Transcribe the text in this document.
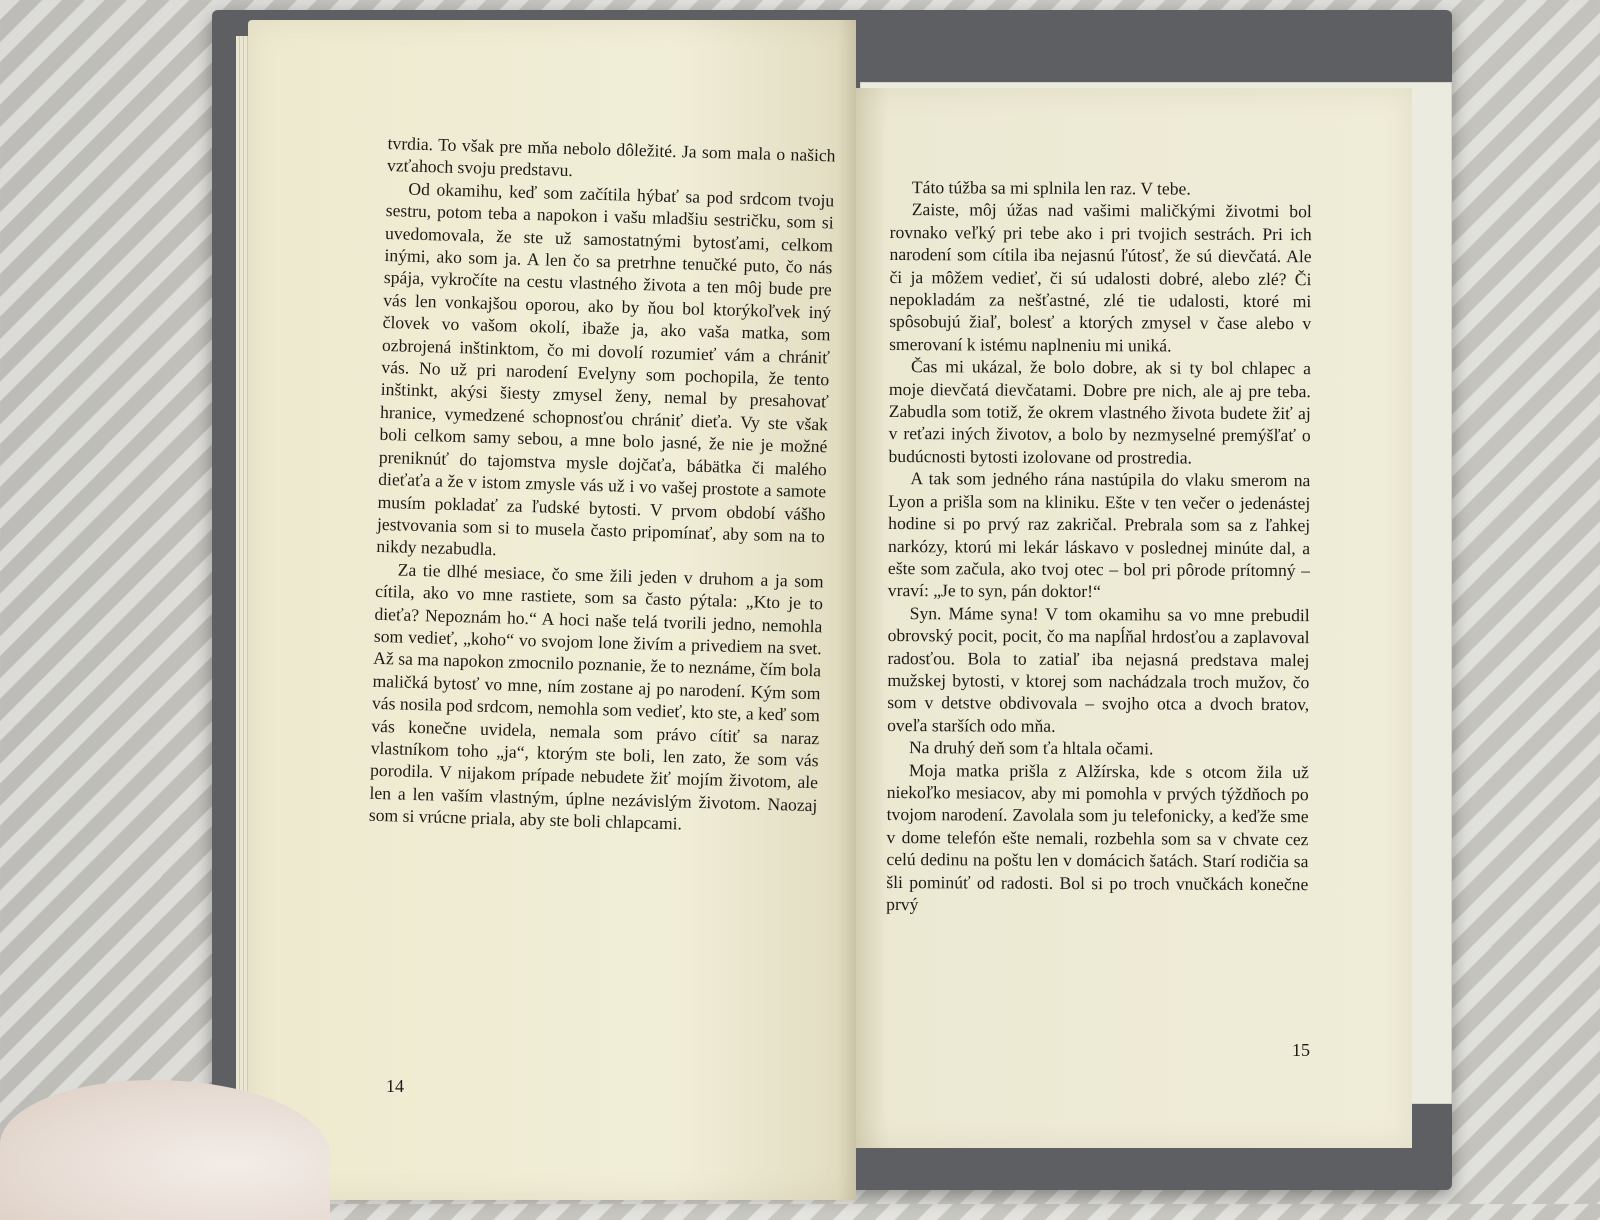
tvrdia. To však pre mňa nebolo dôležité. Ja som mala o našich vzťahoch svoju predstavu.

Od okamihu, keď som začítila hýbať sa pod srdcom tvoju sestru, potom teba a napokon i vašu mladšiu sestričku, som si uvedomovala, že ste už samostatnými bytosťami, celkom inými, ako som ja. A len čo sa pretrhne tenučké puto, čo nás spája, vykročíte na cestu vlastného života a ten môj bude pre vás len vonkajšou oporou, ako by ňou bol ktorýkoľvek iný človek vo vašom okolí, ibaže ja, ako vaša matka, som ozbrojená inštinktom, čo mi dovolí rozumieť vám a chrániť vás. No už pri narodení Evelyny som pochopila, že tento inštinkt, akýsi šiesty zmysel ženy, nemal by presahovať hranice, vymedzené schopnosťou chrániť dieťa. Vy ste však boli celkom samy sebou, a mne bolo jasné, že nie je možné preniknúť do tajomstva mysle dojčaťa, bábätka či malého dieťaťa a že v istom zmysle vás už i vo vašej prostote a samote musím pokladať za ľudské bytosti. V prvom období vášho jestvovania som si to musela často pripomínať, aby som na to nikdy nezabudla.

Za tie dlhé mesiace, čo sme žili jeden v druhom a ja som cítila, ako vo mne rastiete, som sa často pýtala: „Kto je to dieťa? Nepoznám ho.“ A hoci naše telá tvorili jedno, nemohla som vedieť, „koho“ vo svojom lone živím a privediem na svet. Až sa ma napokon zmocnilo poznanie, že to neznáme, čím bola maličká bytosť vo mne, ním zostane aj po narodení. Kým som vás nosila pod srdcom, nemohla som vedieť, kto ste, a keď som vás konečne uvidela, nemala som právo cítiť sa naraz vlastníkom toho „ja“, ktorým ste boli, len zato, že som vás porodila. V nijakom prípade nebudete žiť mojím životom, ale len a len vaším vlastným, úplne nezávislým životom. Naozaj som si vrúcne priala, aby ste boli chlapcami.

14

Táto túžba sa mi splnila len raz. V tebe.

Zaiste, môj úžas nad vašimi maličkými životmi bol rovnako veľký pri tebe ako i pri tvojich sestrách. Pri ich narodení som cítila iba nejasnú ľútosť, že sú dievčatá. Ale či ja môžem vedieť, či sú udalosti dobré, alebo zlé? Či nepokladám za nešťastné, zlé tie udalosti, ktoré mi spôsobujú žiaľ, bolesť a ktorých zmysel v čase alebo v smerovaní k istému naplneniu mi uniká.

Čas mi ukázal, že bolo dobre, ak si ty bol chlapec a moje dievčatá dievčatami. Dobre pre nich, ale aj pre teba. Zabudla som totiž, že okrem vlastného života budete žiť aj v reťazi iných životov, a bolo by nezmyselné premýšľať o budúcnosti bytosti izolovane od prostredia.

A tak som jedného rána nastúpila do vlaku smerom na Lyon a prišla som na kliniku. Ešte v ten večer o jedenástej hodine si po prvý raz zakričal. Prebrala som sa z ľahkej narkózy, ktorú mi lekár láskavo v poslednej minúte dal, a ešte som začula, ako tvoj otec – bol pri pôrode prítomný – vraví: „Je to syn, pán doktor!“

Syn. Máme syna! V tom okamihu sa vo mne prebudil obrovský pocit, pocit, čo ma napĺňal hrdosťou a zaplavoval radosťou. Bola to zatiaľ iba nejasná predstava malej mužskej bytosti, v ktorej som nachádzala troch mužov, čo som v detstve obdivovala – svojho otca a dvoch bratov, oveľa starších odo mňa.

Na druhý deň som ťa hltala očami.

Moja matka prišla z Alžírska, kde s otcom žila už niekoľko mesiacov, aby mi pomohla v prvých týždňoch po tvojom narodení. Zavolala som ju telefonicky, a keďže sme v dome telefón ešte nemali, rozbehla som sa v chvate cez celú dedinu na poštu len v domácich šatách. Starí rodičia sa šli pominúť od radosti. Bol si po troch vnučkách konečne prvý

15
